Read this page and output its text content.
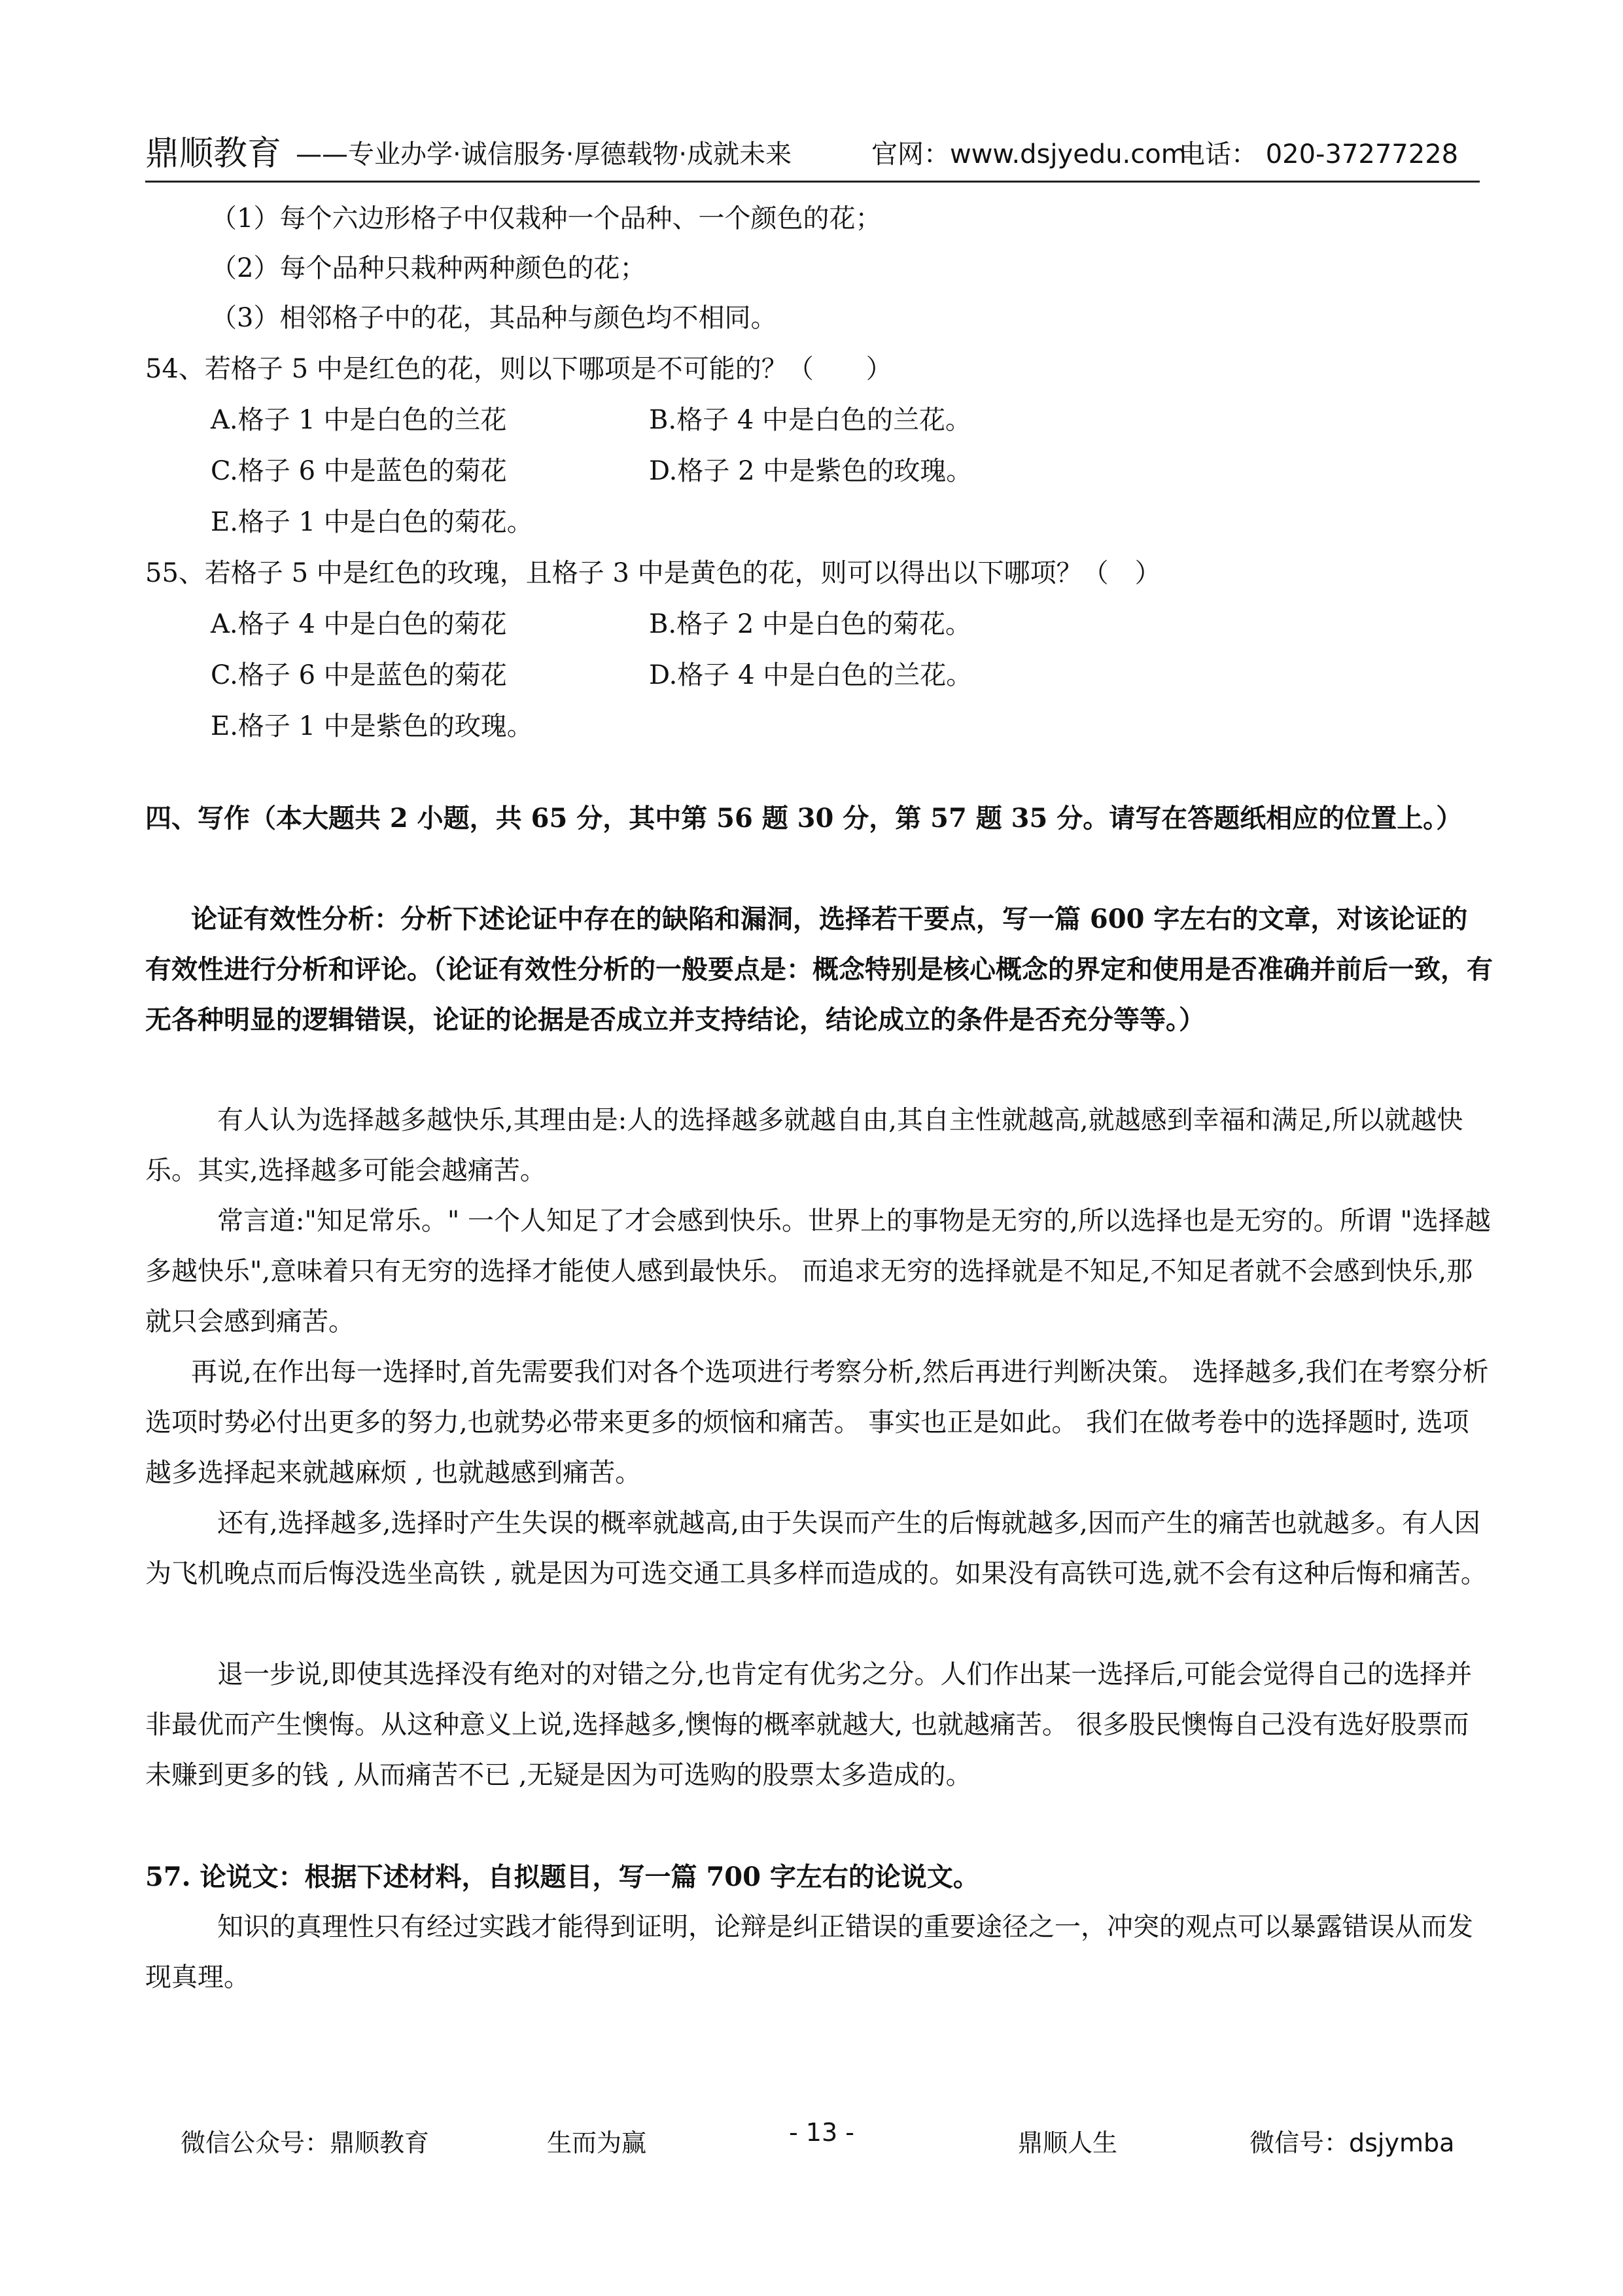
鼎顺教育 ——专业办学·诚信服务·厚德载物·成就未来	官网：www.dsjyedu.com
电话： 020-37277228
（1）每个六边形格子中仅栽种一个品种、一个颜色的花；
（2）每个品种只栽种两种颜色的花；
（3）相邻格子中的花，其品种与颜色均不相同。
54、若格子 5 中是红色的花，则以下哪项是不可能的？（　　）
A.格子 1 中是白色的兰花	B.格子 4 中是白色的兰花。
C.格子 6 中是蓝色的菊花	D.格子 2 中是紫色的玫瑰。
E.格子 1 中是白色的菊花。
55、若格子 5 中是红色的玫瑰，且格子 3 中是黄色的花，则可以得出以下哪项？（　）
A.格子 4 中是白色的菊花	B.格子 2 中是白色的菊花。
C.格子 6 中是蓝色的菊花	D.格子 4 中是白色的兰花。
E.格子 1 中是紫色的玫瑰。
四、写作（本大题共 2 小题，共 65 分，其中第 56 题 30 分，第 57 题 35 分。请写在答题纸相应的位置上。）
论证有效性分析：分析下述论证中存在的缺陷和漏洞，选择若干要点，写一篇 600 字左右的文章，对该论证的有效性进行分析和评论。（论证有效性分析的一般要点是：概念特别是核心概念的界定和使用是否准确并前后一致，有无各种明显的逻辑错误，论证的论据是否成立并支持结论，结论成立的条件是否充分等等。）
有人认为选择越多越快乐,其理由是:人的选择越多就越自由,其自主性就越高,就越感到幸福和满足,所以就越快乐。其实,选择越多可能会越痛苦。
常言道:"知足常乐。" 一个人知足了才会感到快乐。世界上的事物是无穷的,所以选择也是无穷的。所谓 "选择越多越快乐",意味着只有无穷的选择才能使人感到最快乐。 而追求无穷的选择就是不知足,不知足者就不会感到快乐,那就只会感到痛苦。
再说,在作出每一选择时,首先需要我们对各个选项进行考察分析,然后再进行判断决策。 选择越多,我们在考察分析选项时势必付出更多的努力,也就势必带来更多的烦恼和痛苦。 事实也正是如此。 我们在做考卷中的选择题时, 选项越多选择起来就越麻烦 , 也就越感到痛苦。
还有,选择越多,选择时产生失误的概率就越高,由于失误而产生的后悔就越多,因而产生的痛苦也就越多。有人因为飞机晚点而后悔没选坐高铁 , 就是因为可选交通工具多样而造成的。如果没有高铁可选,就不会有这种后悔和痛苦。
退一步说,即使其选择没有绝对的对错之分,也肯定有优劣之分。人们作出某一选择后,可能会觉得自己的选择并非最优而产生懊悔。从这种意义上说,选择越多,懊悔的概率就越大, 也就越痛苦。 很多股民懊悔自己没有选好股票而未赚到更多的钱 , 从而痛苦不已 ,无疑是因为可选购的股票太多造成的。
57. 论说文：根据下述材料，自拟题目，写一篇 700 字左右的论说文。
知识的真理性只有经过实践才能得到证明，论辩是纠正错误的重要途径之一，冲突的观点可以暴露错误从而发现真理。
微信公众号：鼎顺教育	生而为赢	- 13 -	鼎顺人生	微信号：dsjymba
